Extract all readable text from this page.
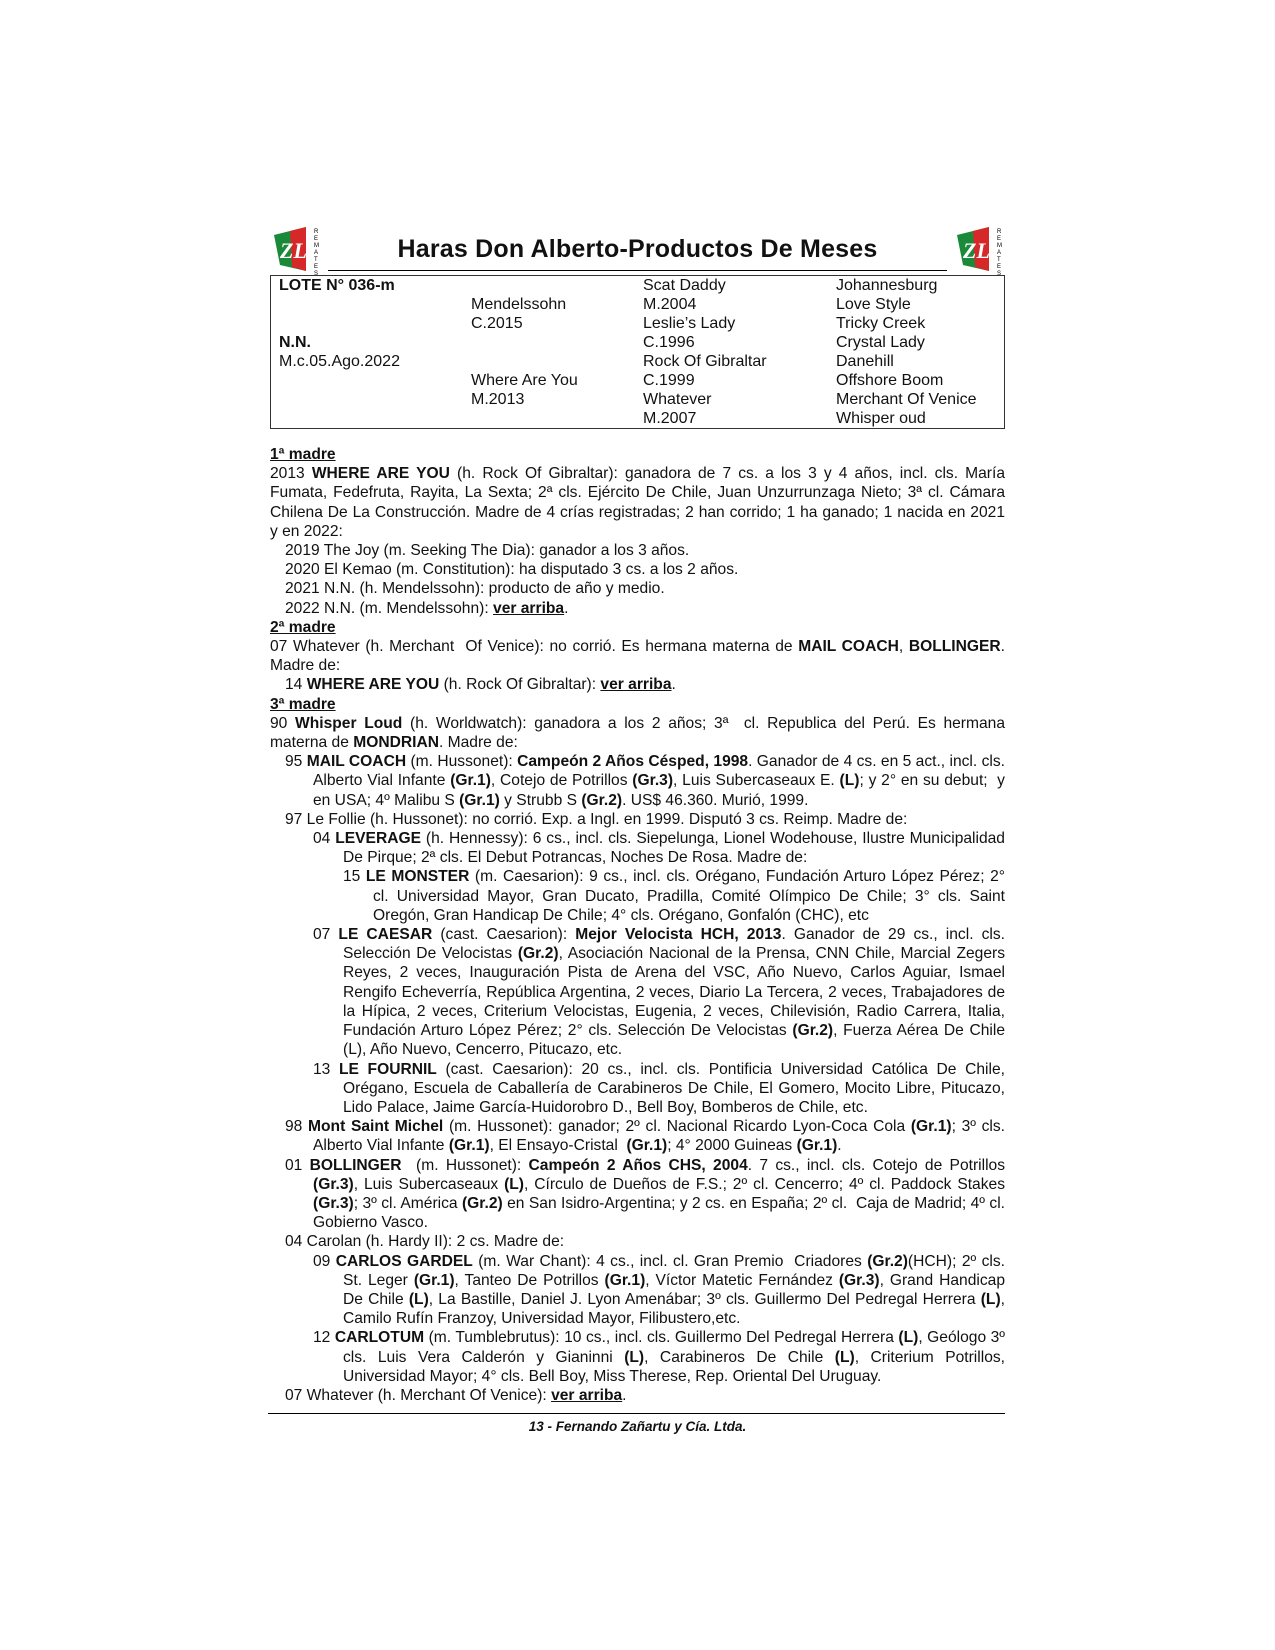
ZL
R
E
M
A
T
E
S
Haras Don Alberto-Productos De Meses	ZL
R
E
M
A
T
E
S
LOTE N° 036-m
N.N.
M.c.05.Ago.2022
Mendelssohn
C.2015
Where Are You
M.2013
Scat Daddy
M.2004
Leslie’s Lady
C.1996
Rock Of Gibraltar
C.1999
Whatever
M.2007
Johannesburg
Love Style
Tricky Creek
Crystal Lady
Danehill
Offshore Boom
Merchant Of Venice
Whisper oud

1ª madre

2013 WHERE ARE YOU (h. Rock Of Gibraltar): ganadora de 7 cs. a los 3 y 4 años, incl. cls. María Fumata, Fedefruta, Rayita, La Sexta; 2ª cls. Ejército De Chile, Juan Unzurrunzaga Nieto; 3ª cl. Cámara Chilena De La Construcción. Madre de 4 crías registradas; 2 han corrido; 1 ha ganado; 1 nacida en 2021 y en 2022:

2019 The Joy (m. Seeking The Dia): ganador a los 3 años.

2020 El Kemao (m. Constitution): ha disputado 3 cs. a los 2 años.

2021 N.N. (h. Mendelssohn): producto de año y medio.

2022 N.N. (m. Mendelssohn): ver arriba.

2ª madre

07 Whatever (h. Merchant  Of Venice): no corrió. Es hermana materna de MAIL COACH, BOLLINGER. Madre de:

14 WHERE ARE YOU (h. Rock Of Gibraltar): ver arriba.

3ª madre

90 Whisper Loud (h. Worldwatch): ganadora a los 2 años; 3ª  cl. Republica del Perú. Es hermana materna de MONDRIAN. Madre de:

95 MAIL COACH (m. Hussonet): Campeón 2 Años Césped, 1998. Ganador de 4 cs. en 5 act., incl. cls. Alberto Vial Infante (Gr.1), Cotejo de Potrillos (Gr.3), Luis Subercaseaux E. (L); y 2° en su debut;  y en USA; 4º Malibu S (Gr.1) y Strubb S (Gr.2). US$ 46.360. Murió, 1999.

97 Le Follie (h. Hussonet): no corrió. Exp. a Ingl. en 1999. Disputó 3 cs. Reimp. Madre de:

04 LEVERAGE (h. Hennessy): 6 cs., incl. cls. Siepelunga, Lionel Wodehouse, Ilustre Municipalidad De Pirque; 2ª cls. El Debut Potrancas, Noches De Rosa. Madre de:

15 LE MONSTER (m. Caesarion): 9 cs., incl. cls. Orégano, Fundación Arturo López Pérez; 2° cl. Universidad Mayor, Gran Ducato, Pradilla, Comité Olímpico De Chile; 3° cls. Saint Oregón, Gran Handicap De Chile; 4° cls. Orégano, Gonfalón (CHC), etc

07 LE CAESAR (cast. Caesarion): Mejor Velocista HCH, 2013. Ganador de 29 cs., incl. cls. Selección De Velocistas (Gr.2), Asociación Nacional de la Prensa, CNN Chile, Marcial Zegers Reyes, 2 veces, Inauguración Pista de Arena del VSC, Año Nuevo, Carlos Aguiar, Ismael Rengifo Echeverría, República Argentina, 2 veces, Diario La Tercera, 2 veces, Trabajadores de la Hípica, 2 veces, Criterium Velocistas, Eugenia, 2 veces, Chilevisión, Radio Carrera, Italia, Fundación Arturo López Pérez; 2° cls. Selección De Velocistas (Gr.2), Fuerza Aérea De Chile (L), Año Nuevo, Cencerro, Pitucazo, etc.

13 LE FOURNIL (cast. Caesarion): 20 cs., incl. cls. Pontificia Universidad Católica De Chile, Orégano, Escuela de Caballería de Carabineros De Chile, El Gomero, Mocito Libre, Pitucazo, Lido Palace, Jaime García-Huidorobro D., Bell Boy, Bomberos de Chile, etc.

98 Mont Saint Michel (m. Hussonet): ganador; 2º cl. Nacional Ricardo Lyon-Coca Cola (Gr.1); 3º cls. Alberto Vial Infante (Gr.1), El Ensayo-Cristal  (Gr.1); 4° 2000 Guineas (Gr.1).

01 BOLLINGER  (m. Hussonet): Campeón 2 Años CHS, 2004. 7 cs., incl. cls. Cotejo de Potrillos (Gr.3), Luis Subercaseaux (L), Círculo de Dueños de F.S.; 2º cl. Cencerro; 4º cl. Paddock Stakes (Gr.3); 3º cl. América (Gr.2) en San Isidro-Argentina; y 2 cs. en España; 2º cl.  Caja de Madrid; 4º cl. Gobierno Vasco.

04 Carolan (h. Hardy II): 2 cs. Madre de:

09 CARLOS GARDEL (m. War Chant): 4 cs., incl. cl. Gran Premio  Criadores (Gr.2)(HCH); 2º cls. St. Leger (Gr.1), Tanteo De Potrillos (Gr.1), Víctor Matetic Fernández (Gr.3), Grand Handicap De Chile (L), La Bastille, Daniel J. Lyon Amenábar; 3º cls. Guillermo Del Pedregal Herrera (L), Camilo Rufín Franzoy, Universidad Mayor, Filibustero,etc.

12 CARLOTUM (m. Tumblebrutus): 10 cs., incl. cls. Guillermo Del Pedregal Herrera (L), Geólogo 3º cls. Luis Vera Calderón y Gianinni (L), Carabineros De Chile (L), Criterium Potrillos, Universidad Mayor; 4° cls. Bell Boy, Miss Therese, Rep. Oriental Del Uruguay.

07 Whatever (h. Merchant Of Venice): ver arriba.

13 - Fernando Zañartu y Cía. Ltda.
